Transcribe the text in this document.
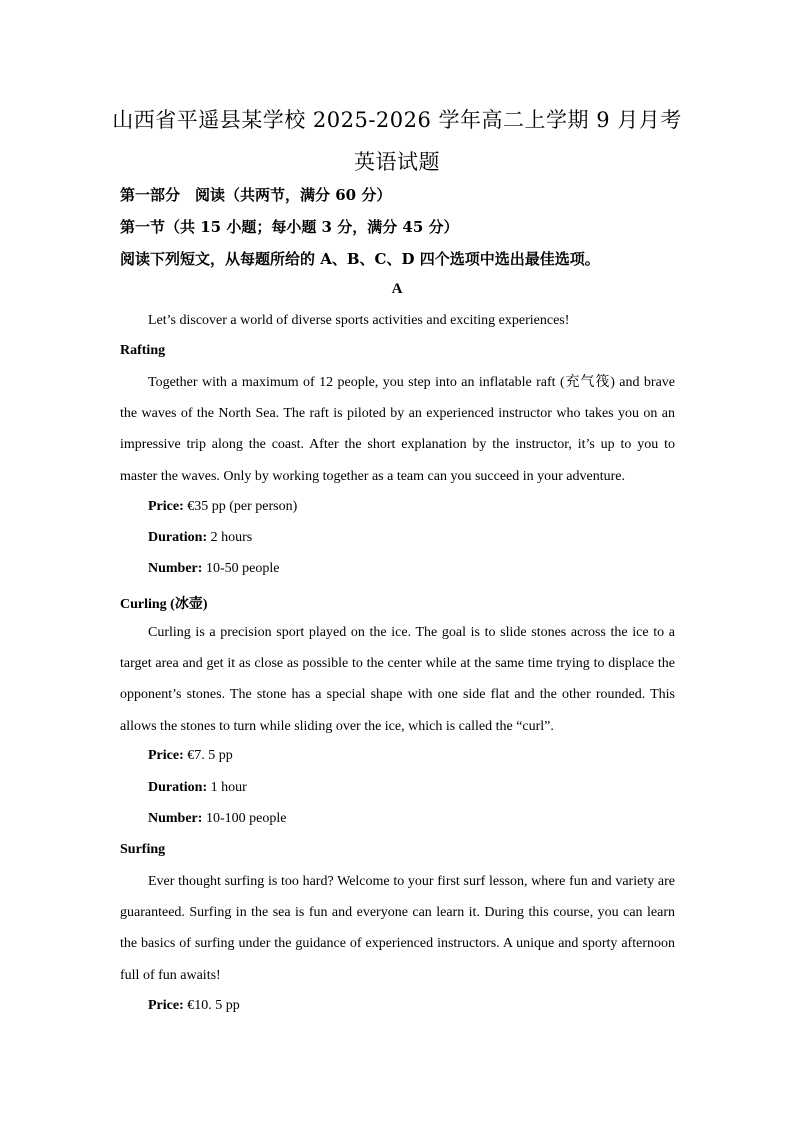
山西省平遥县某学校 2025-2026 学年高二上学期 9 月月考
英语试题
第一部分　阅读（共两节，满分 60 分）
第一节（共 15 小题；每小题 3 分，满分 45 分）
阅读下列短文，从每题所给的 A、B、C、D 四个选项中选出最佳选项。
A
Let’s discover a world of diverse sports activities and exciting experiences!
Rafting
Together with a maximum of 12 people, you step into an inflatable raft (充气筏) and brave the waves of the North Sea. The raft is piloted by an experienced instructor who takes you on an impressive trip along the coast. After the short explanation by the instructor, it’s up to you to master the waves. Only by working together as a team can you succeed in your adventure.
Price: €35 pp (per person)
Duration: 2 hours
Number: 10-50 people
Curling (冰壶)
Curling is a precision sport played on the ice. The goal is to slide stones across the ice to a target area and get it as close as possible to the center while at the same time trying to displace the opponent’s stones. The stone has a special shape with one side flat and the other rounded. This allows the stones to turn while sliding over the ice, which is called the “curl”.
Price: €7. 5 pp
Duration: 1 hour
Number: 10-100 people
Surfing
Ever thought surfing is too hard? Welcome to your first surf lesson, where fun and variety are guaranteed. Surfing in the sea is fun and everyone can learn it. During this course, you can learn the basics of surfing under the guidance of experienced instructors. A unique and sporty afternoon full of fun awaits!
Price: €10. 5 pp
